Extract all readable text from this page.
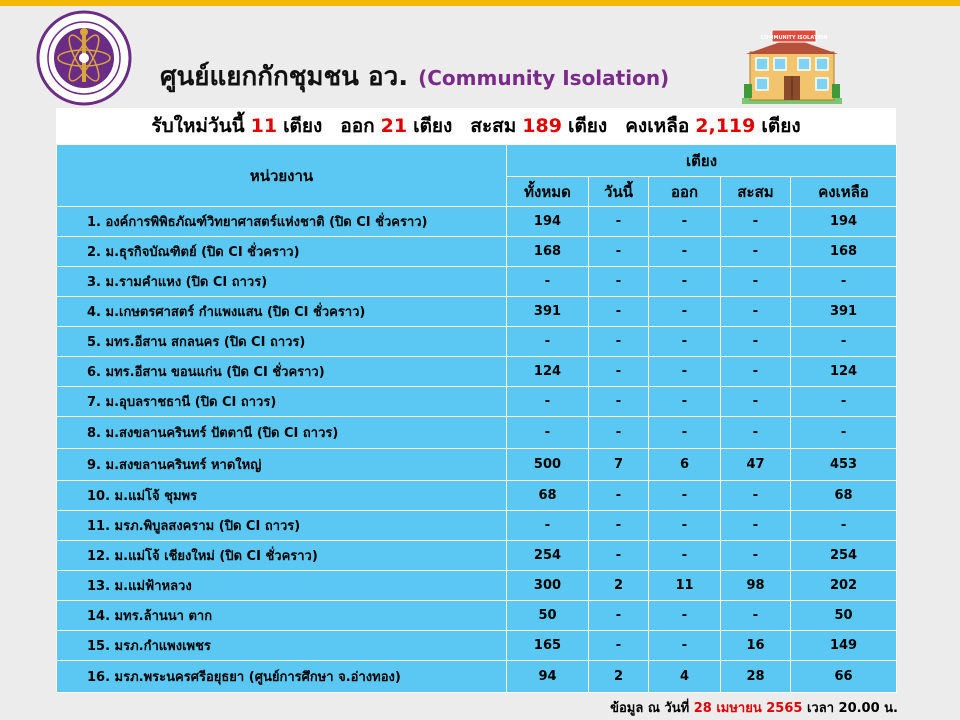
ศูนย์แยกกักชุมชน อว. (Community Isolation)
COMMUNITY ISOLATION
รับใหม่วันนี้ 11 เตียง ออก 21 เตียง สะสม 189 เตียง คงเหลือ 2,119 เตียง
หน่วยงาน	เตียง				
	ทั้งหมด	วันนี้	ออก	สะสม	คงเหลือ
1. องค์การพิพิธภัณฑ์วิทยาศาสตร์แห่งชาติ (ปิด CI ชั่วคราว)	194	-	-	-	194
2. ม.ธุรกิจบัณฑิตย์ (ปิด CI ชั่วคราว)	168	-	-	-	168
3. ม.รามคำแหง (ปิด CI ถาวร)	-	-	-	-	-
4. ม.เกษตรศาสตร์ กำแพงแสน (ปิด CI ชั่วคราว)	391	-	-	-	391
5. มทร.อีสาน สกลนคร (ปิด CI ถาวร)	-	-	-	-	-
6. มทร.อีสาน ขอนแก่น (ปิด CI ชั่วคราว)	124	-	-	-	124
7. ม.อุบลราชธานี (ปิด CI ถาวร)	-	-	-	-	-
8. ม.สงขลานครินทร์ ปัตตานี (ปิด CI ถาวร)	-	-	-	-	-
9. ม.สงขลานครินทร์ หาดใหญ่	500	7	6	47	453
10. ม.แม่โจ้ ชุมพร	68	-	-	-	68
11. มรภ.พิบูลสงคราม (ปิด CI ถาวร)	-	-	-	-	-
12. ม.แม่โจ้ เชียงใหม่ (ปิด CI ชั่วคราว)	254	-	-	-	254
13. ม.แม่ฟ้าหลวง	300	2	11	98	202
14. มทร.ล้านนา ตาก	50	-	-	-	50
15. มรภ.กำแพงเพชร	165	-	-	16	149
16. มรภ.พระนครศรีอยุธยา (ศูนย์การศึกษา จ.อ่างทอง)	94	2	4	28	66
ข้อมูล ณ วันที่ 28 เมษายน 2565 เวลา 20.00 น.
